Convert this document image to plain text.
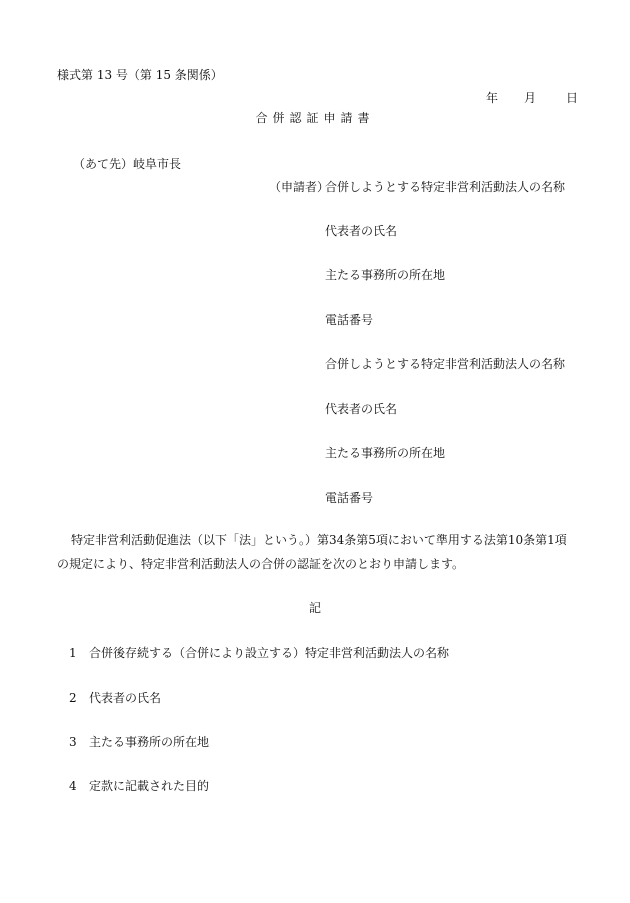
様式第 13 号（第 15 条関係）
年 月 日
合併認証申請書
（あて先）岐阜市長
（申請者）
合併しようとする特定非営利活動法人の名称
代表者の氏名
主たる事務所の所在地
電話番号
合併しようとする特定非営利活動法人の名称
代表者の氏名
主たる事務所の所在地
電話番号
特定非営利活動促進法（以下「法」という。）第34条第5項において準用する法第10条第1項
の規定により、特定非営利活動法人の合併の認証を次のとおり申請します。
記
1 合併後存続する（合併により設立する）特定非営利活動法人の名称
2 代表者の氏名
3 主たる事務所の所在地
4 定款に記載された目的
